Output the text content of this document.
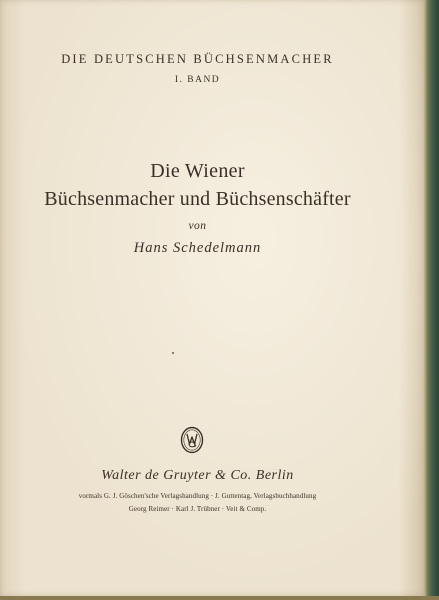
DIE DEUTSCHEN BÜCHSENMACHER
I. BAND
Die Wiener
Büchsenmacher und Büchsenschäfter
von
Hans Schedelmann
Walter de Gruyter & Co. Berlin
vormals G. J. Göschen'sche Verlagshandlung · J. Guttentag, Verlagsbuchhandlung
Georg Reimer · Karl J. Trübner · Veit & Comp.
